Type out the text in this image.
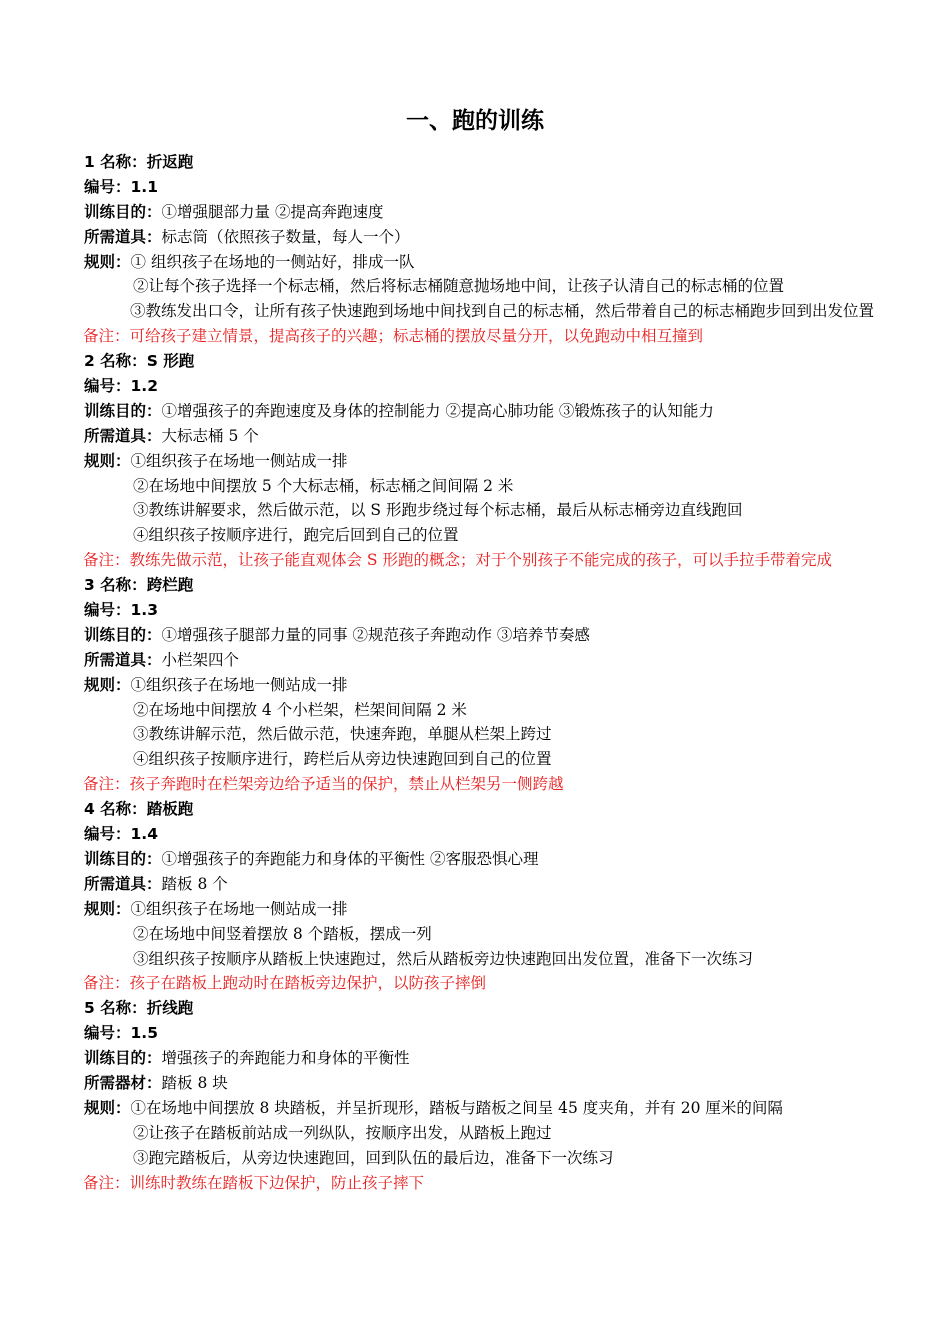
一、跑的训练
1 名称：折返跑
编号：1.1
训练目的：①增强腿部力量 ②提高奔跑速度
所需道具：标志筒（依照孩子数量，每人一个）
规则：① 组织孩子在场地的一侧站好，排成一队
②让每个孩子选择一个标志桶，然后将标志桶随意抛场地中间，让孩子认清自己的标志桶的位置
③教练发出口令，让所有孩子快速跑到场地中间找到自己的标志桶，然后带着自己的标志桶跑步回到出发位置
备注：可给孩子建立情景，提高孩子的兴趣；标志桶的摆放尽量分开，以免跑动中相互撞到
2 名称：S 形跑
编号：1.2
训练目的：①增强孩子的奔跑速度及身体的控制能力 ②提高心肺功能 ③锻炼孩子的认知能力
所需道具：大标志桶 5 个
规则：①组织孩子在场地一侧站成一排
②在场地中间摆放 5 个大标志桶，标志桶之间间隔 2 米
③教练讲解要求，然后做示范，以 S 形跑步绕过每个标志桶，最后从标志桶旁边直线跑回
④组织孩子按顺序进行，跑完后回到自己的位置
备注：教练先做示范，让孩子能直观体会 S 形跑的概念；对于个别孩子不能完成的孩子，可以手拉手带着完成
3 名称：跨栏跑
编号：1.3
训练目的：①增强孩子腿部力量的同事 ②规范孩子奔跑动作 ③培养节奏感
所需道具：小栏架四个
规则：①组织孩子在场地一侧站成一排
②在场地中间摆放 4 个小栏架，栏架间间隔 2 米
③教练讲解示范，然后做示范，快速奔跑，单腿从栏架上跨过
④组织孩子按顺序进行，跨栏后从旁边快速跑回到自己的位置
备注：孩子奔跑时在栏架旁边给予适当的保护，禁止从栏架另一侧跨越
4 名称：踏板跑
编号：1.4
训练目的：①增强孩子的奔跑能力和身体的平衡性 ②客服恐惧心理
所需道具：踏板 8 个
规则：①组织孩子在场地一侧站成一排
②在场地中间竖着摆放 8 个踏板，摆成一列
③组织孩子按顺序从踏板上快速跑过，然后从踏板旁边快速跑回出发位置，准备下一次练习
备注：孩子在踏板上跑动时在踏板旁边保护，以防孩子摔倒
5 名称：折线跑
编号：1.5
训练目的：增强孩子的奔跑能力和身体的平衡性
所需器材：踏板 8 块
规则：①在场地中间摆放 8 块踏板，并呈折现形，踏板与踏板之间呈 45 度夹角，并有 20 厘米的间隔
②让孩子在踏板前站成一列纵队，按顺序出发，从踏板上跑过
③跑完踏板后，从旁边快速跑回，回到队伍的最后边，准备下一次练习
备注：训练时教练在踏板下边保护，防止孩子摔下
